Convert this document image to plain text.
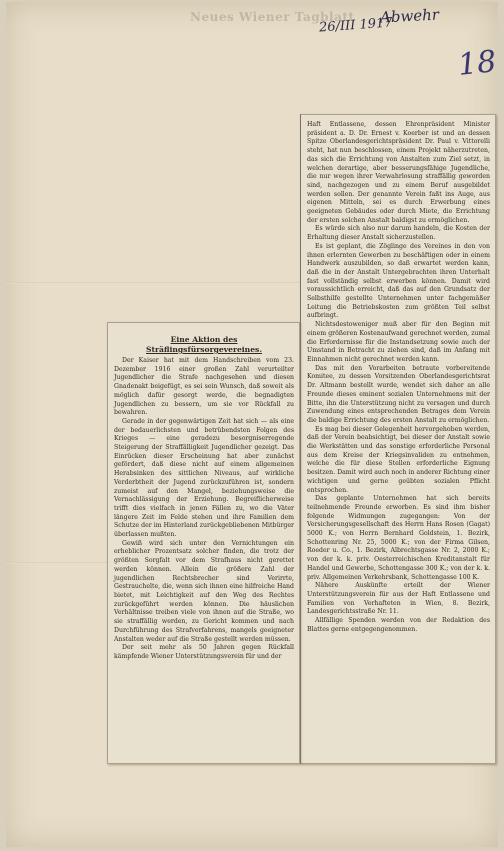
Neues Wiener Tagblatt Abwehr
26/III 1917
18

Haft Entlassene, dessen Ehrenpräsident Minister präsident a. D. Dr. Ernest v. Koerber ist und an dessen Spitze Oberlandesgerichtspräsident Dr. Paul v. Vittorelli steht, hat nun beschlossen, einem Projekt näherzutreten, das sich die Errichtung von Anstalten zum Ziel setzt, in welchen derartige, aber besserungsfähige Jugendliche, die nur wegen ihrer Verwahrlosung straffällig geworden sind, nachgezogen und zu einem Beruf ausgebildet werden sollen. Der genannte Verein faßt ins Auge, aus eigenen Mitteln, sei es durch Erwerbung eines geeigneten Gebäudes oder durch Miete, die Errichtung der ersten solchen Anstalt baldigst zu ermöglichen.

Es würde sich also nur darum handeln, die Kosten der Erhaltung dieser Anstalt sicherzustellen.

Es ist geplant, die Zöglinge des Vereines in den von ihnen erlernten Gewerben zu beschäftigen oder in einem Handwerk auszubilden, so daß erwartet werden kann, daß die in der Anstalt Untergebrachten ihren Unterhalt fast vollständig selbst erwerben können. Damit wird voraussichtlich erreicht, daß das auf den Grundsatz der Selbsthilfe gestellte Unternehmen unter fachgemäßer Leitung die Betriebskosten zum größten Teil selbst aufbringt.

Nichtsdestoweniger muß aber für den Beginn mit einem größeren Kostenaufwand gerechnet werden, zumal die Erfordernisse für die Instandsetzung sowie auch der Umstand in Betracht zu ziehen sind, daß im Anfang mit Einnahmen nicht gerechnet werden kann.

Das mit den Vorarbeiten betraute vorbereitende Komitee, zu dessen Vorsitzenden Oberlandesgerichtsrat Dr. Altmann bestellt wurde, wendet sich daher an alle Freunde dieses eminent sozialen Unternehmens mit der Bitte, ihn die Unterstützung nicht zu versagen und durch Zuwendung eines entsprechenden Betrages dem Verein die baldige Errichtung des ersten Anstalt zu ermöglichen.

Es mag bei dieser Gelegenheit hervorgehoben werden, daß der Verein beabsichtigt, bei dieser der Anstalt sowie die Werkstätten und das sonstige erforderliche Personal aus dem Kreise der Kriegsinvaliden zu entnehmen, welche die für diese Stellen erforderliche Eignung besitzen. Damit wird auch noch in anderer Richtung einer wichtigen und gerne geübten sozialen Pflicht entsprochen.

Das geplante Unternehmen hat sich bereits teilnehmende Freunde erworben. Es sind ihm bisher folgende Widmungen zugegangen: Von der Versicherungsgesellschaft des Herrn Hans Rosen (Gagat) 5000 K.; von Herrn Bernhard Goldstein, 1. Bezirk, Schottenring Nr. 25, 5000 K.; von der Firma Gilsen, Roeder u. Co., 1. Bezirk, Albrechtsgasse Nr. 2, 2000 K.; von der k. k. priv. Oesterreichischen Kreditanstalt für Handel und Gewerbe, Schottengasse 300 K.; von der k. k. priv. Allgemeinen Verkehrsbank, Schottengasse 100 K.

Nähere Auskünfte erteilt der Wiener Unterstützungsverein für aus der Haft Entlassene und Familien von Verhafteten in Wien, 8. Bezirk, Landesgerichtsstraße Nr. 11.

Allfällige Spenden werden von der Redaktion des Blattes gerne entgegengenommen.

Eine Aktion des Sträflingsfürsorgevereines.

Der Kaiser hat mit dem Handschreiben vom 23. Dezember 1916 einer großen Zahl verurteilter Jugendlicher die Strafe nachgesehen und diesen Gnadenakt beigefügt, es sei sein Wunsch, daß soweit als möglich dafür gesorgt werde, die begnadigten Jugendlichen zu bessern, um sie vor Rückfall zu bewahren.

Gerade in der gegenwärtigen Zeit hat sich — als eine der bedauerlichsten und betrübendsten Folgen des Krieges — eine geradezu besorgniserregende Steigerung der Straffälligkeit Jugendlicher gezeigt. Das Einrücken dieser Erscheinung hat aber zunächst gefördert, daß diese nicht auf einem allgemeinen Herabsinken des sittlichen Niveaus, auf wirkliche Verderbtheit der Jugend zurückzuführen ist, sondern zumeist auf den Mangel, beziehungsweise die Vernachlässigung der Erziehung. Begreiflicherweise trifft dies vielfach in jenen Fällen zu, wo die Väter längere Zeit im Felde stehen und ihre Familien dem Schutze der im Hinterland zurückgebliebenen Mitbürger überlassen mußten.

Gewiß wird sich unter den Vernichtungen ein erheblicher Prozentsatz solcher finden, die trotz der größten Sorgfalt vor dem Strafhaus nicht gerettet werden können. Allein die größere Zahl der jugendlichen Rechtsbrecher sind Verirrte, Gestrauchelte, die, wenn sich ihnen eine hilfreiche Hand bietet, mit Leichtigkeit auf den Weg des Rechtes zurückgeführt werden können. Die häuslichen Verhältnisse treiben viele von ihnen auf die Straße, wo sie straffällig werden, zu Gericht kommen und nach Durchführung des Strafverfahrens, mangels geeigneter Anstalten weder auf die Straße gestellt werden müssen.

Der seit mehr als 50 Jahren gegen Rückfall kämpfende Wiener Unterstützungsverein für und der
